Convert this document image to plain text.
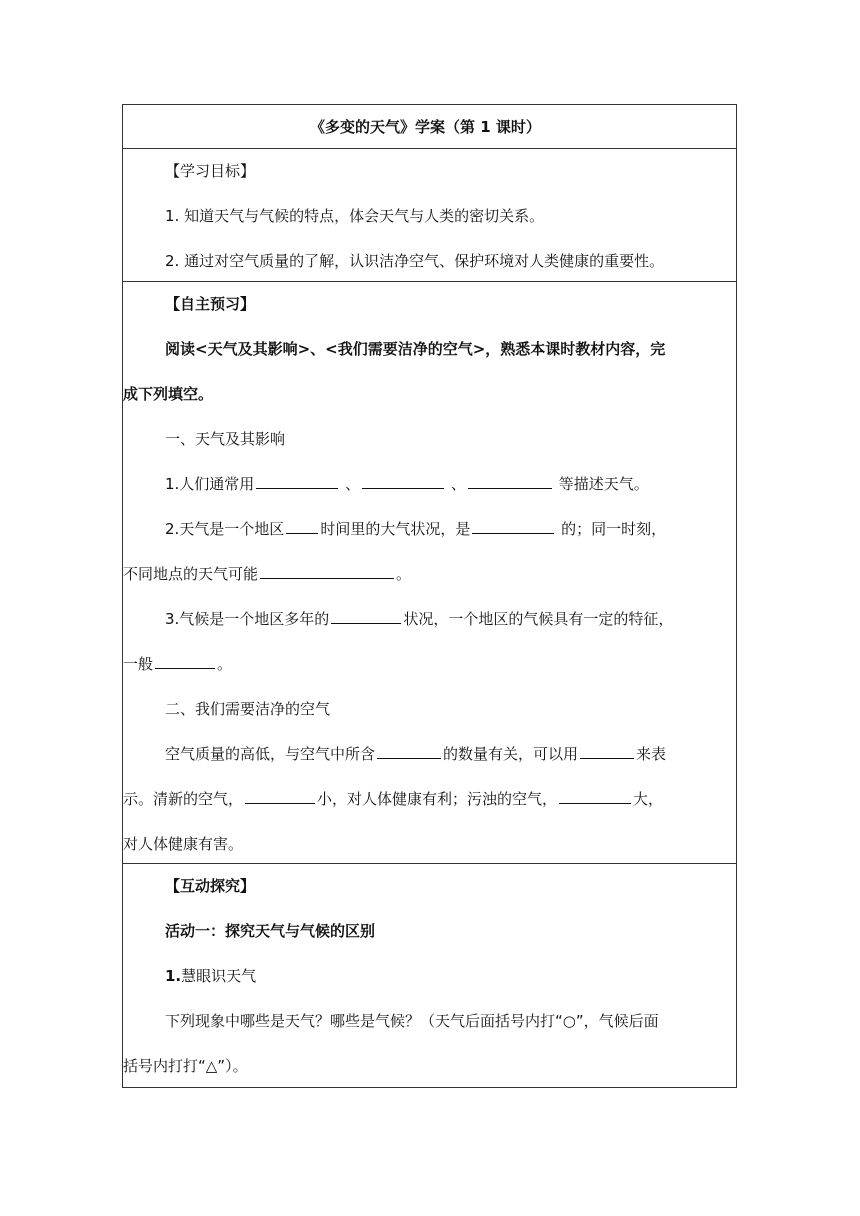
《多变的天气》学案（第 1 课时）
【学习目标】
1. 知道天气与气候的特点，体会天气与人类的密切关系。
2. 通过对空气质量的了解，认识洁净空气、保护环境对人类健康的重要性。
【自主预习】
阅读<天气及其影响>、<我们需要洁净的空气>，熟悉本课时教材内容，完
成下列填空。
一、天气及其影响
1.人们通常用	、	、	等描述天气。
2.天气是一个地区 时间里的大气状况，是	的；同一时刻，
不同地点的天气可能	。
3.气候是一个地区多年的	状况，一个地区的气候具有一定的特征，
一般	。
二、我们需要洁净的空气
空气质量的高低，与空气中所含	的数量有关，可以用	来表
示。清新的空气，	小，对人体健康有利；污浊的空气，	大，
对人体健康有害。
【互动探究】
活动一：探究天气与气候的区别
1.慧眼识天气
下列现象中哪些是天气？哪些是气候？（天气后面括号内打“○”，气候后面
括号内打打“△”）。
